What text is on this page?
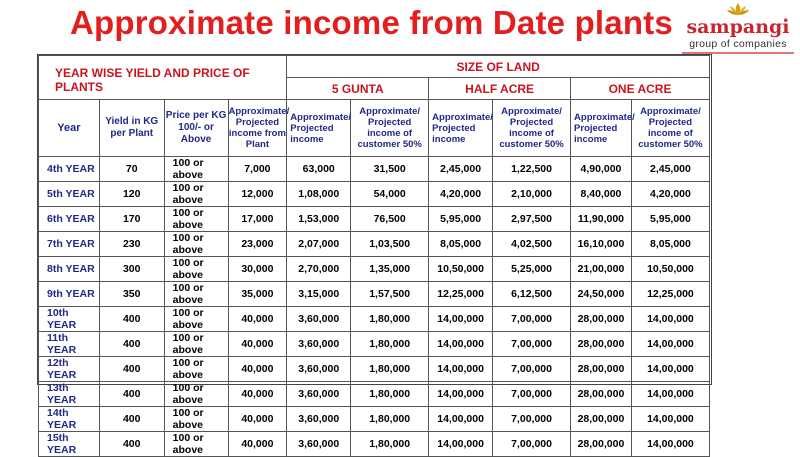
Approximate income from Date plants sampangi
group of companies
YEAR WISE YIELD AND PRICE OF PLANTS				SIZE OF LAND					
				5 GUNTA		HALF ACRE		ONE ACRE	
Year	Yield in KG per Plant	Price per KG 100/- or Above	Approximate/ Projected income from Plant	Approximate/ Projected income	Approximate/ Projected income of customer 50%	Approximate/ Projected income	Approximate/ Projected income of customer 50%	Approximate/ Projected income	Approximate/ Projected income of customer 50%
4th YEAR	70	100 or above	7,000	63,000	31,500	2,45,000	1,22,500	4,90,000	2,45,000
5th YEAR	120	100 or above	12,000	1,08,000	54,000	4,20,000	2,10,000	8,40,000	4,20,000
6th YEAR	170	100 or above	17,000	1,53,000	76,500	5,95,000	2,97,500	11,90,000	5,95,000
7th YEAR	230	100 or above	23,000	2,07,000	1,03,500	8,05,000	4,02,500	16,10,000	8,05,000
8th YEAR	300	100 or above	30,000	2,70,000	1,35,000	10,50,000	5,25,000	21,00,000	10,50,000
9th YEAR	350	100 or above	35,000	3,15,000	1,57,500	12,25,000	6,12,500	24,50,000	12,25,000
10th YEAR	400	100 or above	40,000	3,60,000	1,80,000	14,00,000	7,00,000	28,00,000	14,00,000
11th YEAR	400	100 or above	40,000	3,60,000	1,80,000	14,00,000	7,00,000	28,00,000	14,00,000
12th YEAR	400	100 or above	40,000	3,60,000	1,80,000	14,00,000	7,00,000	28,00,000	14,00,000
13th YEAR	400	100 or above	40,000	3,60,000	1,80,000	14,00,000	7,00,000	28,00,000	14,00,000
14th YEAR	400	100 or above	40,000	3,60,000	1,80,000	14,00,000	7,00,000	28,00,000	14,00,000
15th YEAR	400	100 or above	40,000	3,60,000	1,80,000	14,00,000	7,00,000	28,00,000	14,00,000
